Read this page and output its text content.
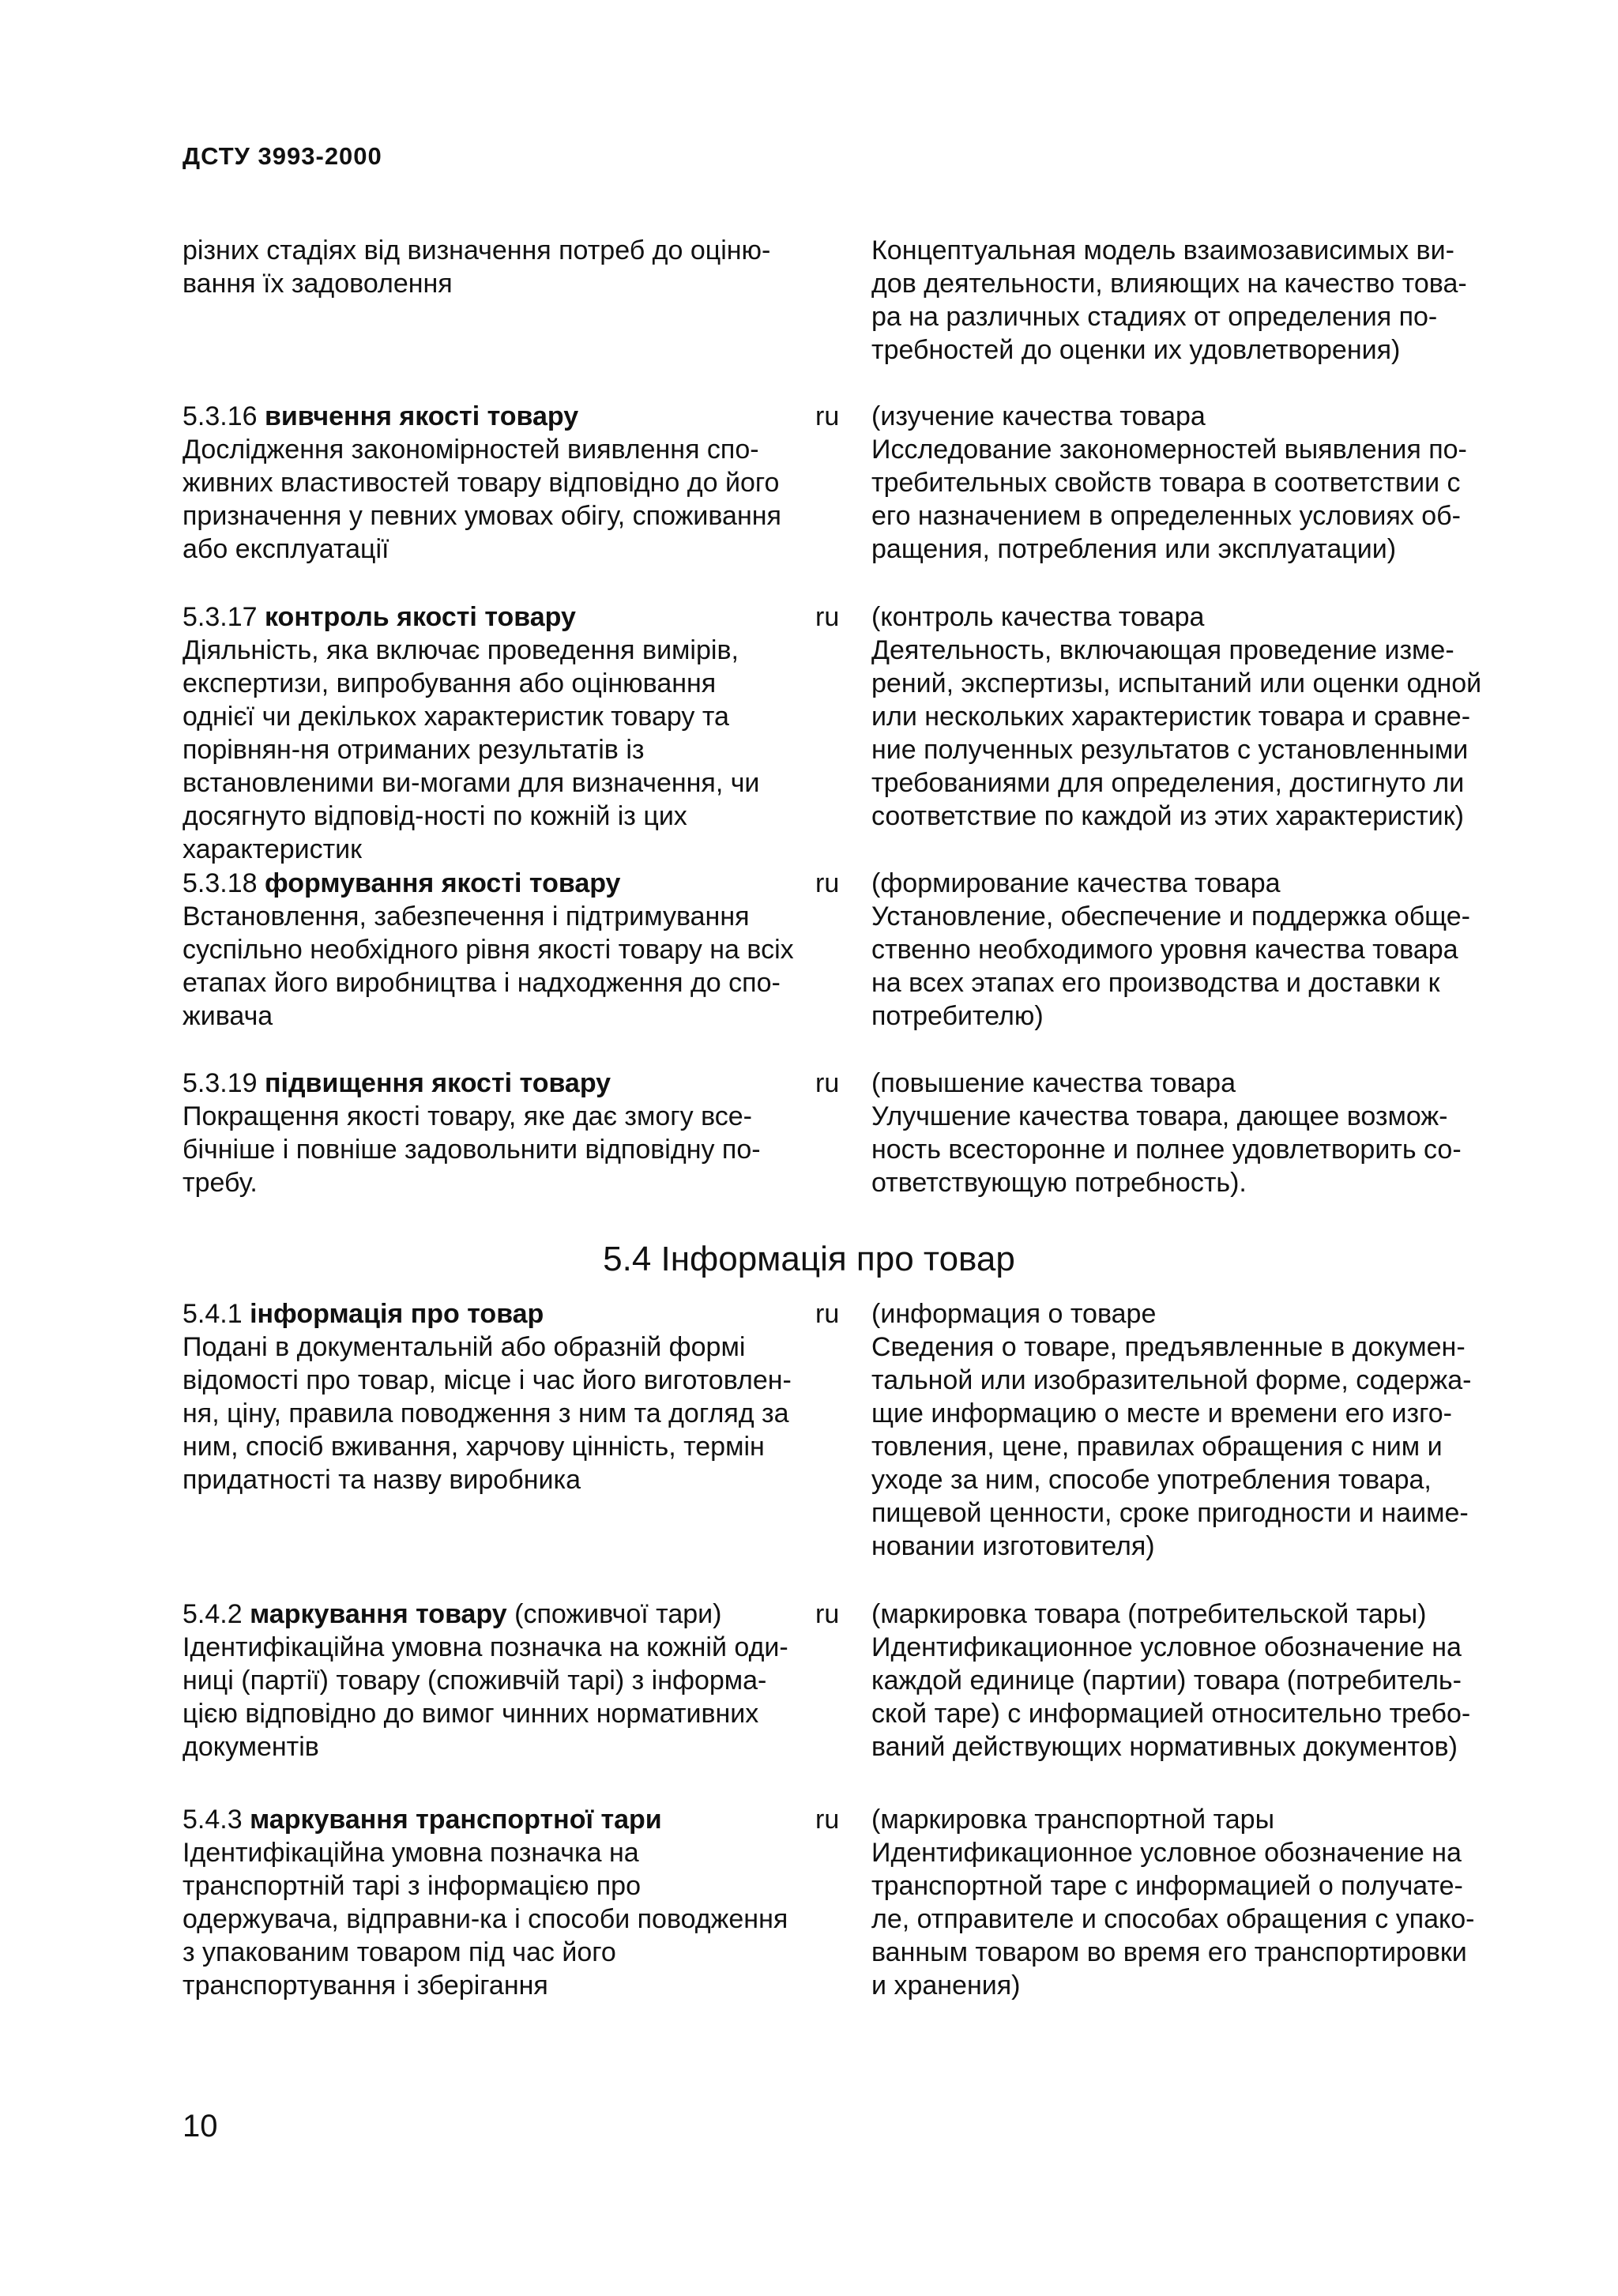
ДСТУ 3993-2000
різних стадіях від визначення потреб до оціню-вання їх задоволення
Концептуальная модель взаимозависимых ви-дов деятельности, влияющих на качество това-ра на различных стадиях от определения по-требностей до оценки их удовлетворения)
5.3.16 вивчення якості товару
Дослідження закономірностей виявлення спо-живних властивостей товару відповідно до його призначення у певних умовах обігу, споживання або експлуатації
ru (изучение качества товара
Исследование закономерностей выявления по-требительных свойств товара в соответствии с его назначением в определенных условиях об-ращения, потребления или эксплуатации)
5.3.17 контроль якості товару
Діяльність, яка включає проведення вимірів, експертизи, випробування або оцінювання однієї чи декількох характеристик товару та порівнян-ня отриманих результатів із встановленими ви-могами для визначення, чи досягнуто відповід-ності по кожній із цих характеристик
ru (контроль качества товара
Деятельность, включающая проведение изме-рений, экспертизы, испытаний или оценки одной или нескольких характеристик товара и сравне-ние полученных результатов с установленными требованиями для определения, достигнуто ли соответствие по каждой из этих характеристик)
5.3.18 формування якості товару
Встановлення, забезпечення і підтримування суспільно необхідного рівня якості товару на всіх етапах його виробництва і надходження до спо-живача
ru (формирование качества товара
Установление, обеспечение и поддержка обще-ственно необходимого уровня качества товара на всех этапах его производства и доставки к потребителю)
5.3.19 підвищення якості товару
Покращення якості товару, яке дає змогу все-бічніше і повніше задовольнити відповідну по-требу.
ru (повышение качества товара
Улучшение качества товара, дающее возмож-ность всесторонне и полнее удовлетворить со-ответствующую потребность).
5.4 Інформація про товар
5.4.1 інформація про товар
Подані в документальній або образній формі відомості про товар, місце і час його виготовлен-ня, ціну, правила поводження з ним та догляд за ним, спосіб вживання, харчову цінність, термін придатності та назву виробника
ru (информация о товаре
Сведения о товаре, предъявленные в докумен-тальной или изобразительной форме, содержа-щие информацию о месте и времени его изго-товления, цене, правилах обращения с ним и уходе за ним, способе употребления товара, пищевой ценности, сроке пригодности и наиме-новании изготовителя)
5.4.2 маркування товару (споживчої тари)
Ідентифікаційна умовна позначка на кожній оди-ниці (партії) товару (споживчій тарі) з інформа-цією відповідно до вимог чинних нормативних документів
ru (маркировка товара (потребительской тары)
Идентификационное условное обозначение на каждой единице (партии) товара (потребитель-ской таре) с информацией относительно требо-ваний действующих нормативных документов)
5.4.3 маркування транспортної тари
Ідентифікаційна умовна позначка на транспортній тарі з інформацією про одержувача, відправни-ка і способи поводження з упакованим товаром під час його транспортування і зберігання
ru (маркировка транспортной тары
Идентификационное условное обозначение на транспортной таре с информацией о получате-ле, отправителе и способах обращения с упако-ванным товаром во время его транспортировки и хранения)
10
